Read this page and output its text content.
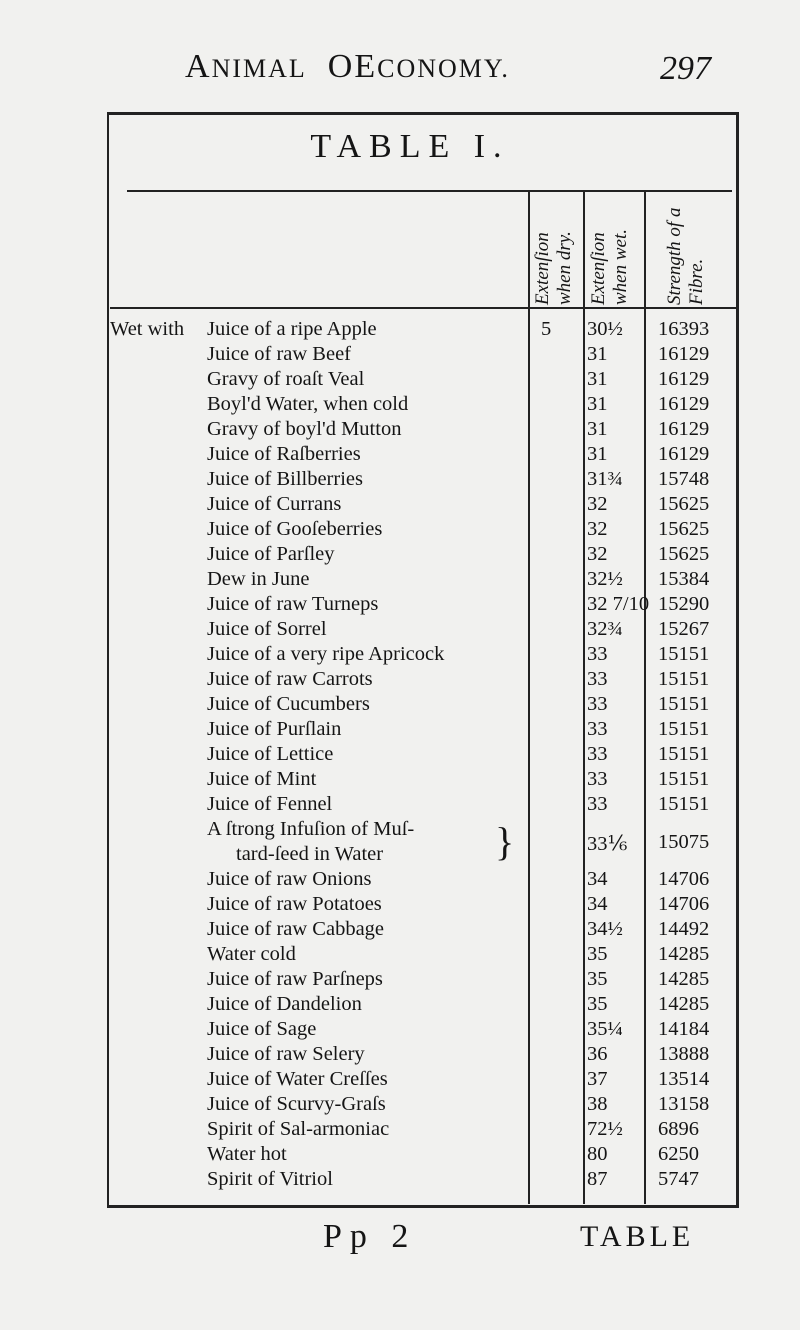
ANIMAL OECONOMY.	297
TABLE I.
Extenſion when dry. Extenſion when wet.	Strength of a Fibre.
Wet with Juice of a ripe Apple	5 30½ 16393
Juice of raw Beef	31 16129
Gravy of roaſt Veal	31 16129
Boyl'd Water, when cold	31 16129
Gravy of boyl'd Mutton	31 16129
Juice of Raſberries	31 16129
Juice of Billberries	31¾ 15748
Juice of Currans	32 15625
Juice of Gooſeberries	32 15625
Juice of Parſley	32 15625
Dew in June	32½ 15384
Juice of raw Turneps	32 7/10 15290
Juice of Sorrel	32¾ 15267
Juice of a very ripe Apricock	33 15151
Juice of raw Carrots	33 15151
Juice of Cucumbers	33 15151
Juice of Purſlain	33 15151
Juice of Lettice	33 15151
Juice of Mint	33 15151
Juice of Fennel	33 15151
A ſtrong Infuſion of Muſ-
tard-ſeed in Water	}	33⅙ 15075
Juice of raw Onions	34 14706
Juice of raw Potatoes	34 14706
Juice of raw Cabbage	34½ 14492
Water cold	35 14285
Juice of raw Parſneps	35 14285
Juice of Dandelion	35 14285
Juice of Sage	35¼ 14184
Juice of raw Selery	36 13888
Juice of Water Creſſes	37 13514
Juice of Scurvy-Graſs	38 13158
Spirit of Sal-armoniac	72½ 6896
Water hot	80 6250
Spirit of Vitriol	87 5747
Pp 2	TABLE
